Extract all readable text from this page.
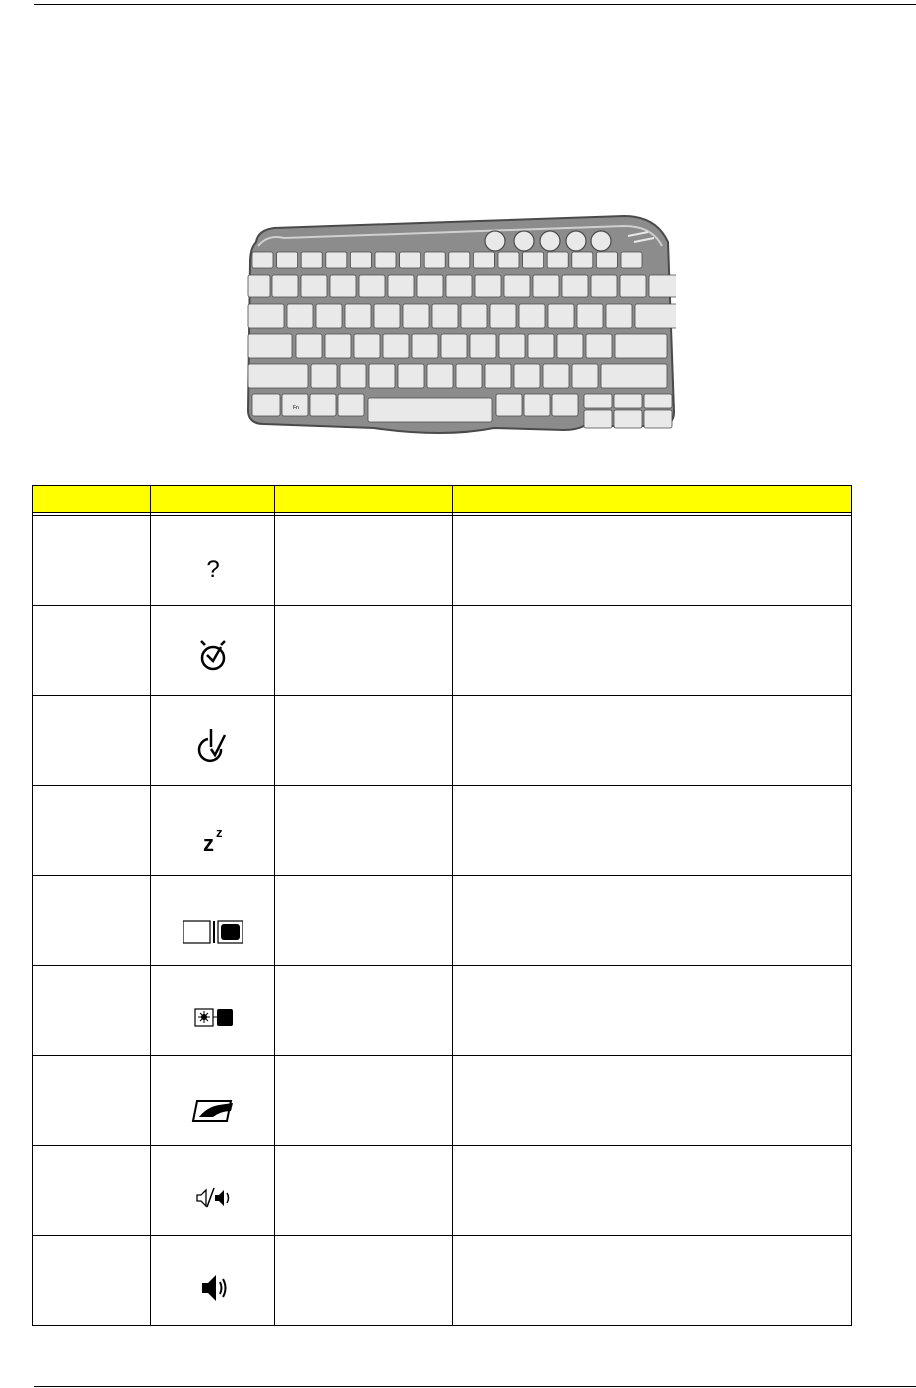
Fn

?		

z z		
